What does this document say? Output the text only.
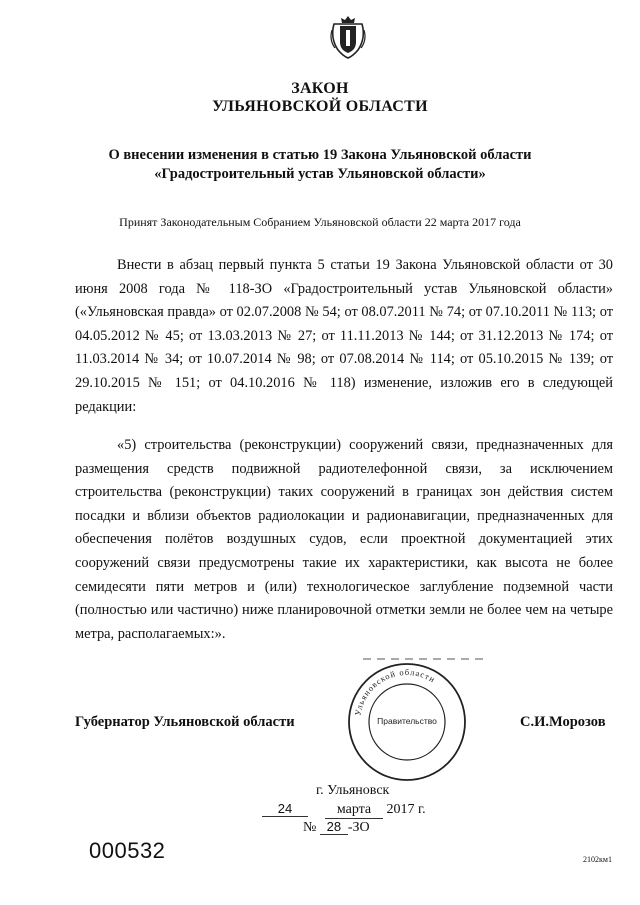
ЗАКОН
УЛЬЯНОВСКОЙ ОБЛАСТИ
О внесении изменения в статью 19 Закона Ульяновской области
«Градостроительный устав Ульяновской области»
Принят Законодательным Собранием Ульяновской области 22 марта 2017 года

Внести в абзац первый пункта 5 статьи 19 Закона Ульяновской области от 30 июня 2008 года № 118-ЗО «Градостроительный устав Ульяновской области» («Ульяновская правда» от 02.07.2008 № 54; от 08.07.2011 № 74; от 07.10.2011 № 113; от 04.05.2012 № 45; от 13.03.2013 № 27; от 11.11.2013 № 144; от 31.12.2013 № 174; от 11.03.2014 № 34; от 10.07.2014 № 98; от 07.08.2014 № 114; от 05.10.2015 № 139; от 29.10.2015 № 151; от 04.10.2016 № 118) изменение, изложив его в следующей редакции:

«5) строительства (реконструкции) сооружений связи, предназначенных для размещения средств подвижной радиотелефонной связи, за исключением строительства (реконструкции) таких сооружений в границах зон действия систем посадки и вблизи объектов радиолокации и радионавигации, предназначенных для обеспечения полётов воздушных судов, если проектной документацией этих сооружений связи предусмотрены такие их характеристики, как высота не более семидесяти пяти метров и (или) технологическое заглубление подземной части (полностью или частично) ниже планировочной отметки земли не более чем на четыре метра, располагаемых:».

Губернатор Ульяновской области
Ульяновской области
Правительство	С.И.Морозов
г. Ульяновск
24	марта 2017 г.
№ 28 -ЗО
000532	2102км1
